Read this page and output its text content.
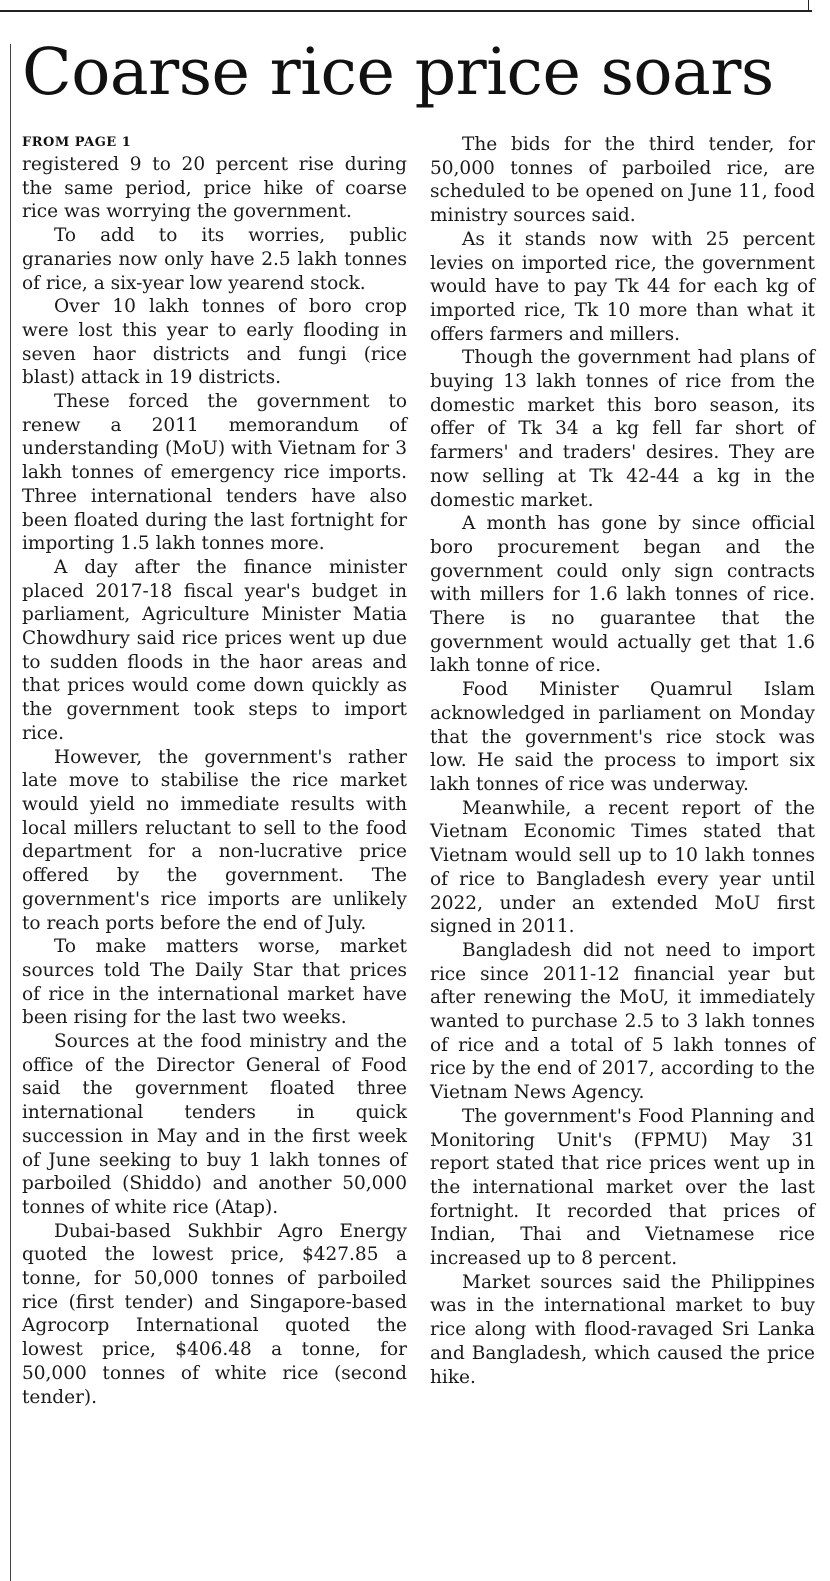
Coarse rice price soars
FROM PAGE 1

registered 9 to 20 percent rise during the same period, price hike of coarse rice was worrying the government.

To add to its worries, public granaries now only have 2.5 lakh tonnes of rice, a six-year low yearend stock.

Over 10 lakh tonnes of boro crop were lost this year to early flooding in seven haor districts and fungi (rice blast) attack in 19 districts.

These forced the government to renew a 2011 memorandum of understanding (MoU) with Vietnam for 3 lakh tonnes of emergency rice imports. Three international tenders have also been floated during the last fortnight for importing 1.5 lakh tonnes more.

A day after the finance minister placed 2017-18 fiscal year's budget in parliament, Agriculture Minister Matia Chowdhury said rice prices went up due to sudden floods in the haor areas and that prices would come down quickly as the government took steps to import rice.

However, the government's rather late move to stabilise the rice market would yield no immediate results with local millers reluctant to sell to the food department for a non-lucrative price offered by the government. The government's rice imports are unlikely to reach ports before the end of July.

To make matters worse, market sources told The Daily Star that prices of rice in the international market have been rising for the last two weeks.

Sources at the food ministry and the office of the Director General of Food said the government floated three international tenders in quick succession in May and in the first week of June seeking to buy 1 lakh tonnes of parboiled (Shiddo) and another 50,000 tonnes of white rice (Atap).

Dubai-based Sukhbir Agro Energy quoted the lowest price, $427.85 a tonne, for 50,000 tonnes of parboiled rice (first tender) and Singapore-based Agrocorp International quoted the lowest price, $406.48 a tonne, for 50,000 tonnes of white rice (second tender).

The bids for the third tender, for 50,000 tonnes of parboiled rice, are scheduled to be opened on June 11, food ministry sources said.

As it stands now with 25 percent levies on imported rice, the government would have to pay Tk 44 for each kg of imported rice, Tk 10 more than what it offers farmers and millers.

Though the government had plans of buying 13 lakh tonnes of rice from the domestic market this boro season, its offer of Tk 34 a kg fell far short of farmers' and traders' desires. They are now selling at Tk 42-44 a kg in the domestic market.

A month has gone by since official boro procurement began and the government could only sign contracts with millers for 1.6 lakh tonnes of rice. There is no guarantee that the government would actually get that 1.6 lakh tonne of rice.

Food Minister Quamrul Islam acknowledged in parliament on Monday that the government's rice stock was low. He said the process to import six lakh tonnes of rice was underway.

Meanwhile, a recent report of the Vietnam Economic Times stated that Vietnam would sell up to 10 lakh tonnes of rice to Bangladesh every year until 2022, under an extended MoU first signed in 2011.

Bangladesh did not need to import rice since 2011-12 financial year but after renewing the MoU, it immediately wanted to purchase 2.5 to 3 lakh tonnes of rice and a total of 5 lakh tonnes of rice by the end of 2017, according to the Vietnam News Agency.

The government's Food Planning and Monitoring Unit's (FPMU) May 31 report stated that rice prices went up in the international market over the last fortnight. It recorded that prices of Indian, Thai and Vietnamese rice increased up to 8 percent.

Market sources said the Philippines was in the international market to buy rice along with flood-ravaged Sri Lanka and Bangladesh, which caused the price hike.
